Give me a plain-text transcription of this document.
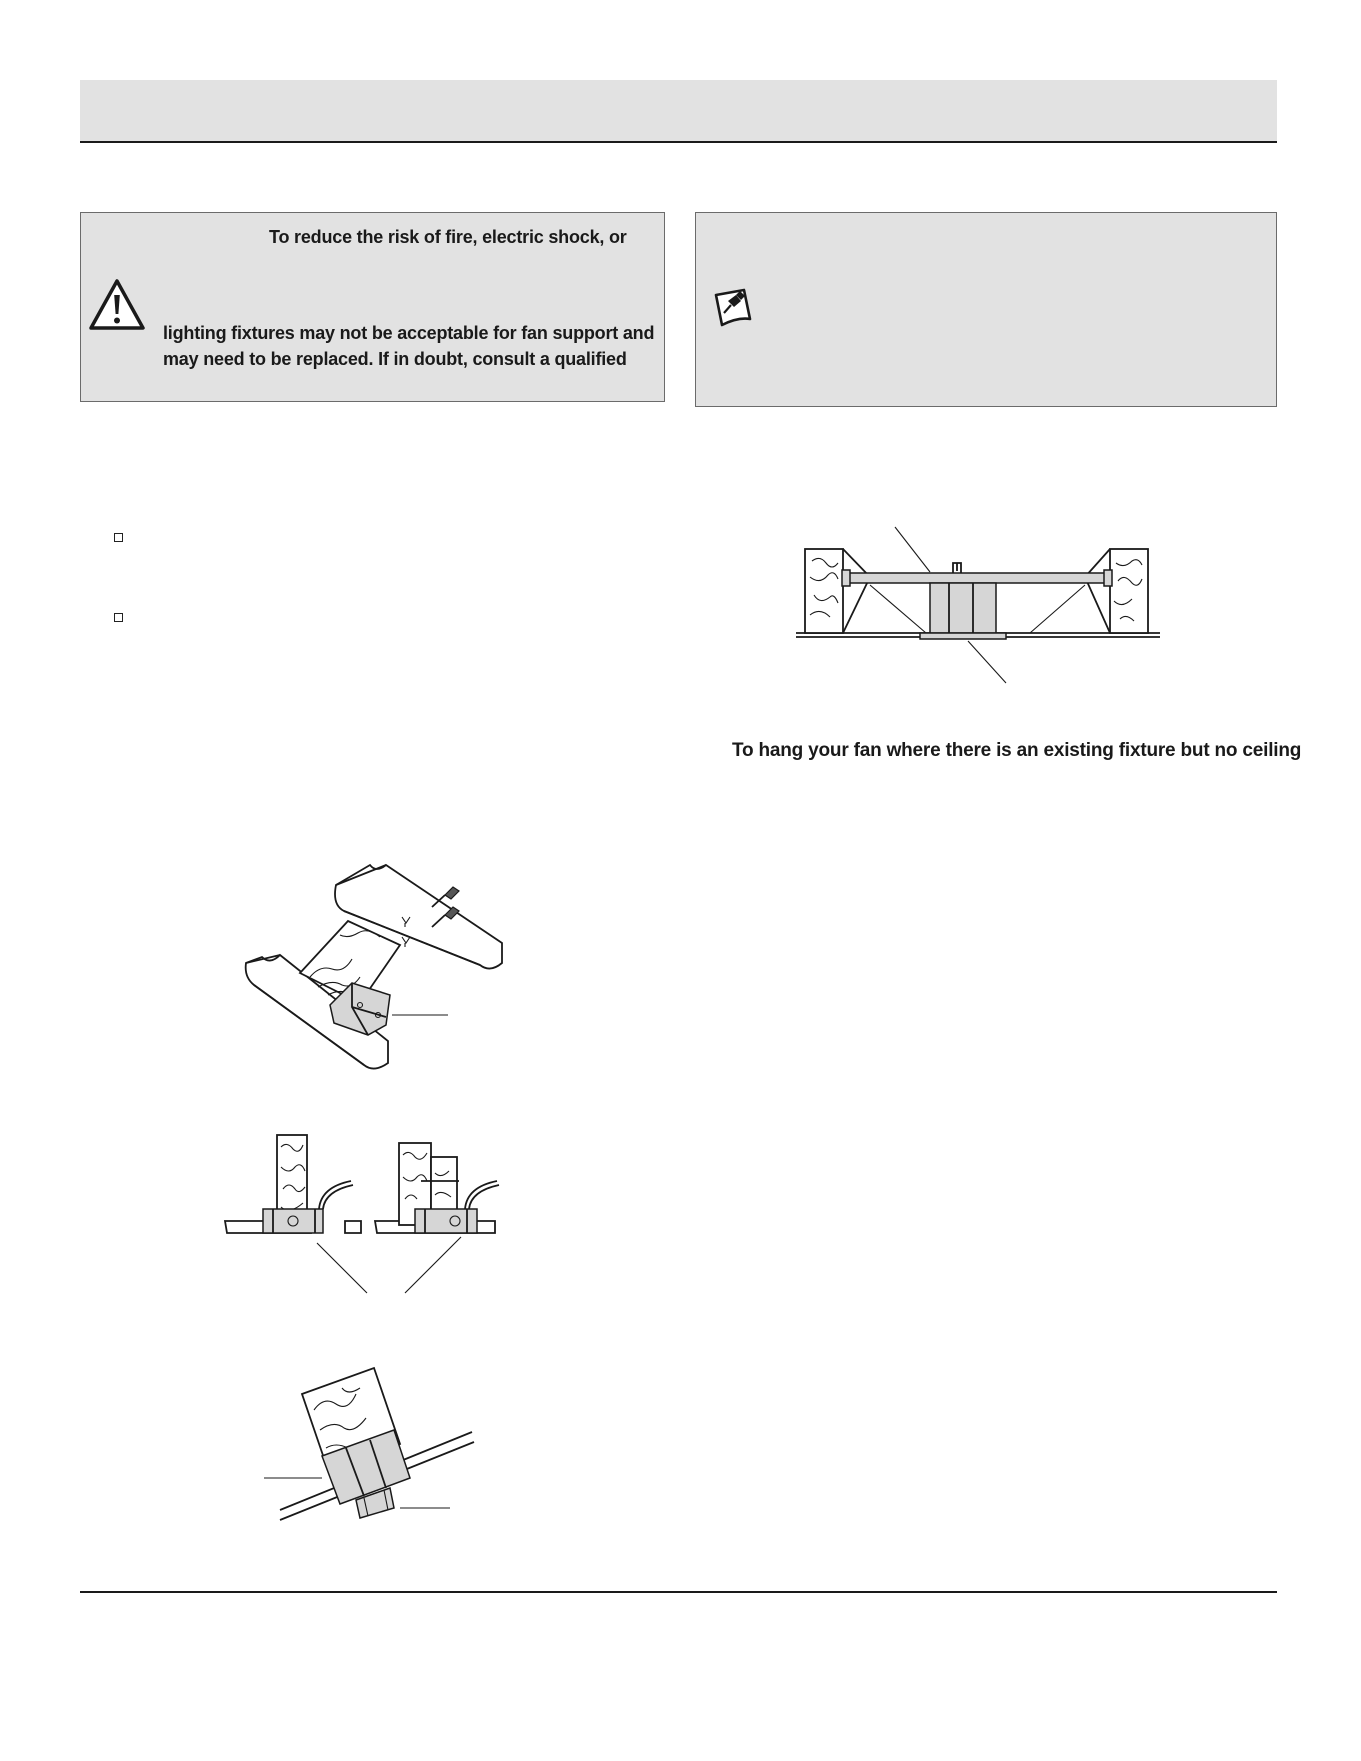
To reduce the risk of fire, electric shock, or
lighting fixtures may not be acceptable for fan support and
may need to be replaced. If in doubt, consult a qualified
To hang your fan where there is an existing fixture but no ceiling
